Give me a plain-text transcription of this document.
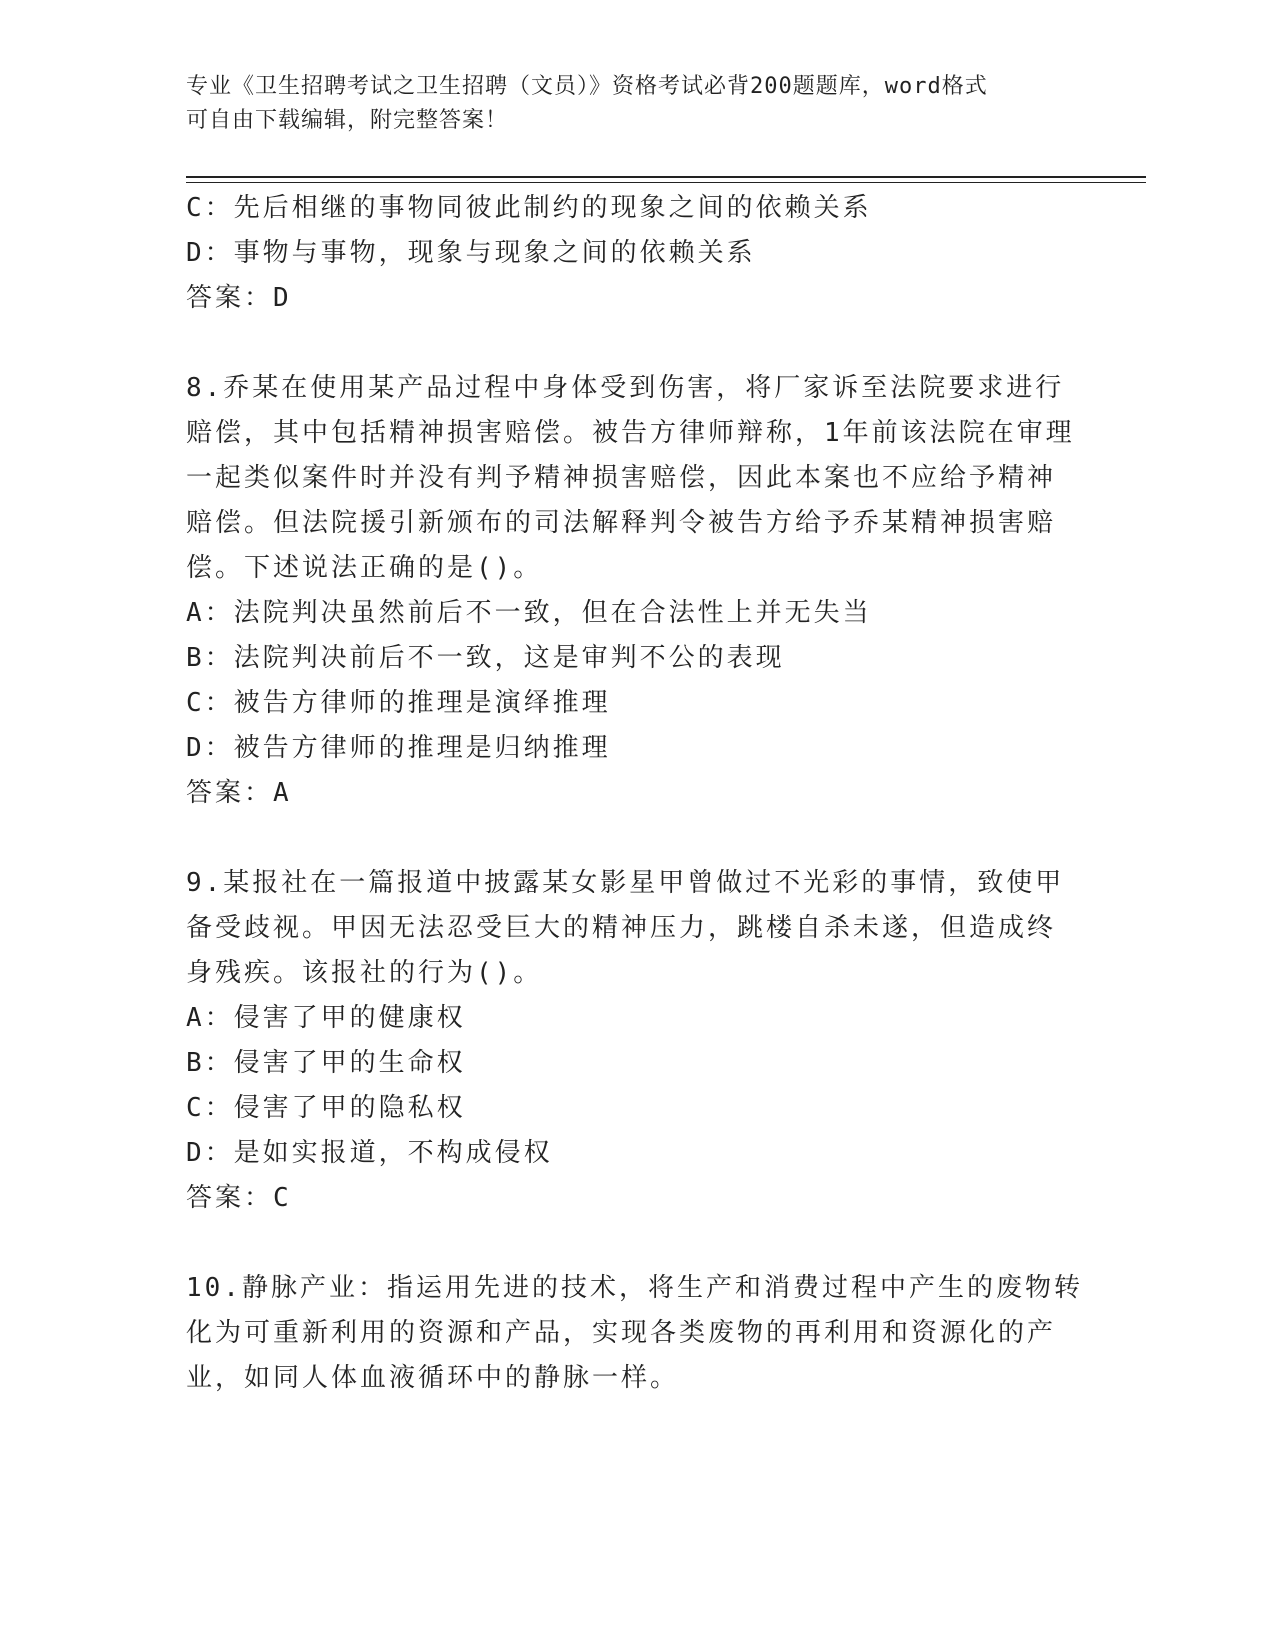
专业《卫生招聘考试之卫生招聘（文员）》资格考试必背200题题库，word格式
可自由下载编辑，附完整答案！
C：先后相继的事物同彼此制约的现象之间的依赖关系
D：事物与事物，现象与现象之间的依赖关系
答案：D
8.乔某在使用某产品过程中身体受到伤害，将厂家诉至法院要求进行
赔偿，其中包括精神损害赔偿。被告方律师辩称，1年前该法院在审理
一起类似案件时并没有判予精神损害赔偿，因此本案也不应给予精神
赔偿。但法院援引新颁布的司法解释判令被告方给予乔某精神损害赔
偿。下述说法正确的是()。
A：法院判决虽然前后不一致，但在合法性上并无失当
B：法院判决前后不一致，这是审判不公的表现
C：被告方律师的推理是演绎推理
D：被告方律师的推理是归纳推理
答案：A
9.某报社在一篇报道中披露某女影星甲曾做过不光彩的事情，致使甲
备受歧视。甲因无法忍受巨大的精神压力，跳楼自杀未遂，但造成终
身残疾。该报社的行为()。
A：侵害了甲的健康权
B：侵害了甲的生命权
C：侵害了甲的隐私权
D：是如实报道，不构成侵权
答案：C
10.静脉产业：指运用先进的技术，将生产和消费过程中产生的废物转
化为可重新利用的资源和产品，实现各类废物的再利用和资源化的产
业，如同人体血液循环中的静脉一样。
